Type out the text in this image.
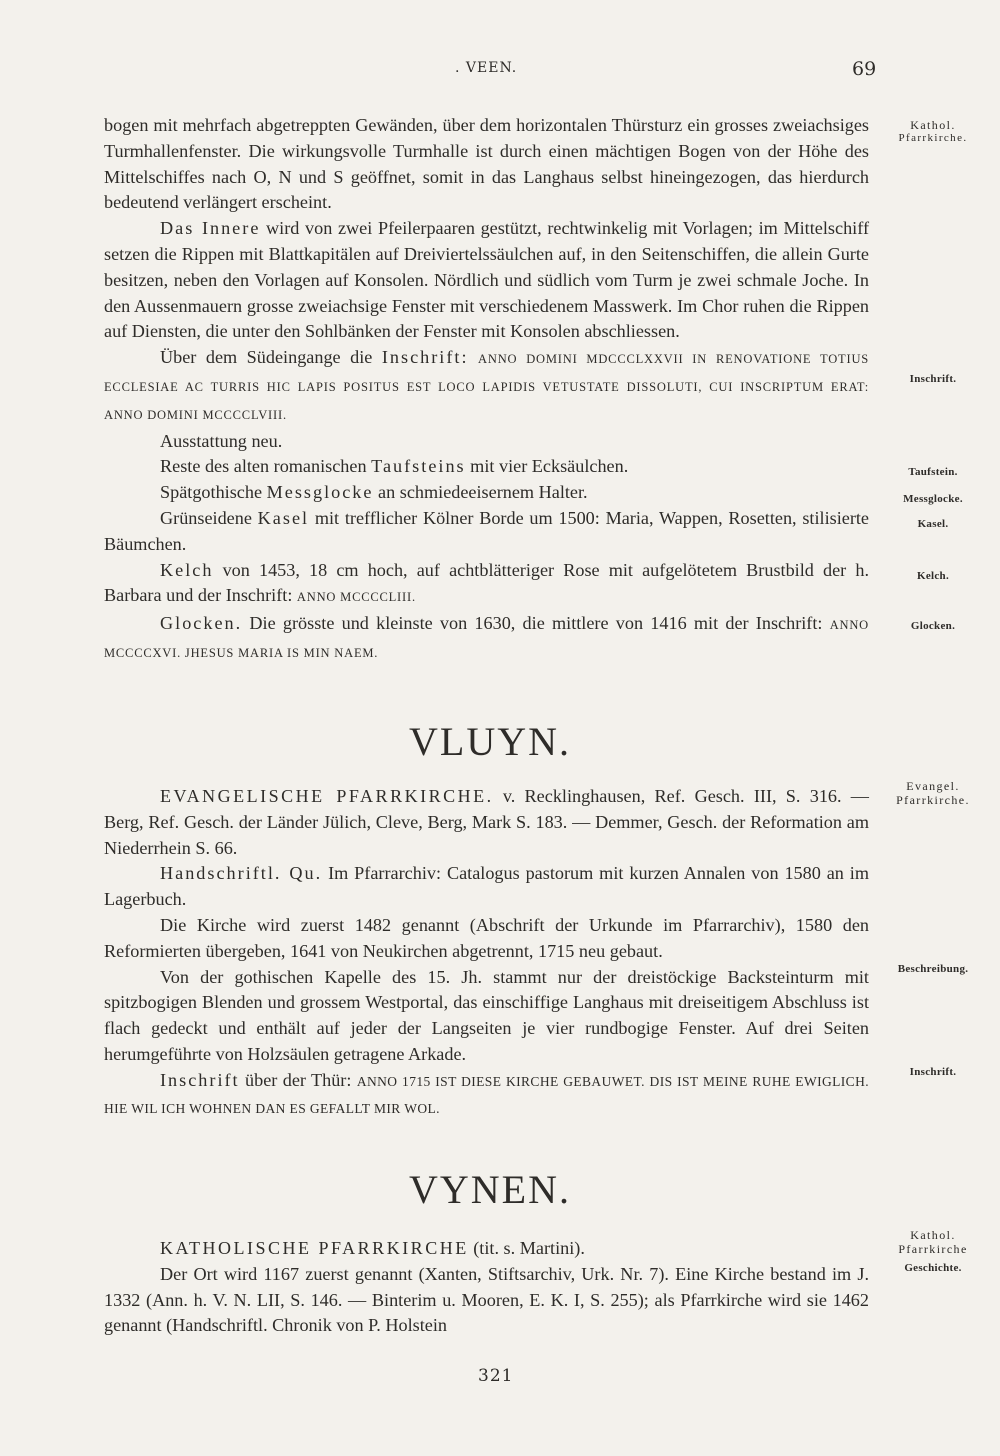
. VEEN.	69

bogen mit mehrfach abgetreppten Gewänden, über dem horizontalen Thürsturz ein grosses zweiachsiges Turmhallenfenster. Die wirkungsvolle Turmhalle ist durch einen mächtigen Bogen von der Höhe des Mittelschiffes nach O, N und S geöffnet, somit in das Langhaus selbst hineingezogen, das hierdurch bedeutend verlängert erscheint.

Das Innere wird von zwei Pfeilerpaaren gestützt, rechtwinkelig mit Vorlagen; im Mittelschiff setzen die Rippen mit Blattkapitälen auf Dreiviertelssäulchen auf, in den Seitenschiffen, die allein Gurte besitzen, neben den Vorlagen auf Konsolen. Nördlich und südlich vom Turm je zwei schmale Joche. In den Aussenmauern grosse zweiachsige Fenster mit verschiedenem Masswerk. Im Chor ruhen die Rippen auf Diensten, die unter den Sohlbänken der Fenster mit Konsolen abschliessen.

Über dem Südeingange die Inschrift: ANNO DOMINI MDCCCLXXVII IN RENOVATIONE TOTIUS ECCLESIAE AC TURRIS HIC LAPIS POSITUS EST LOCO LAPIDIS VETUSTATE DISSOLUTI, CUI INSCRIPTUM ERAT: ANNO DOMINI MCCCCLVIII.

Ausstattung neu.

Reste des alten romanischen Taufsteins mit vier Ecksäulchen.

Spätgothische Messglocke an schmiedeeisernem Halter.

Grünseidene Kasel mit trefflicher Kölner Borde um 1500: Maria, Wappen, Rosetten, stilisierte Bäumchen.

Kelch von 1453, 18 cm hoch, auf achtblätteriger Rose mit aufgelötetem Brustbild der h. Barbara und der Inschrift: ANNO MCCCCLIII.

Glocken. Die grösste und kleinste von 1630, die mittlere von 1416 mit der Inschrift: ANNO MCCCCXVI. JHESUS MARIA IS MIN NAEM.

VLUYN.

EVANGELISCHE PFARRKIRCHE. v. Recklinghausen, Ref. Gesch. III, S. 316. — Berg, Ref. Gesch. der Länder Jülich, Cleve, Berg, Mark S. 183. — Demmer, Gesch. der Reformation am Niederrhein S. 66.

Handschriftl. Qu. Im Pfarrarchiv: Catalogus pastorum mit kurzen Annalen von 1580 an im Lagerbuch.

Die Kirche wird zuerst 1482 genannt (Abschrift der Urkunde im Pfarrarchiv), 1580 den Reformierten übergeben, 1641 von Neukirchen abgetrennt, 1715 neu gebaut.

Von der gothischen Kapelle des 15. Jh. stammt nur der dreistöckige Backsteinturm mit spitzbogigen Blenden und grossem Westportal, das einschiffige Langhaus mit dreiseitigem Abschluss ist flach gedeckt und enthält auf jeder der Langseiten je vier rundbogige Fenster. Auf drei Seiten herumgeführte von Holzsäulen getragene Arkade.

Inschrift über der Thür: ANNO 1715 IST DIESE KIRCHE GEBAUWET. DIS IST MEINE RUHE EWIGLICH. HIE WIL ICH WOHNEN DAN ES GEFALLT MIR WOL.

VYNEN.

KATHOLISCHE PFARRKIRCHE (tit. s. Martini).

Der Ort wird 1167 zuerst genannt (Xanten, Stiftsarchiv, Urk. Nr. 7). Eine Kirche bestand im J. 1332 (Ann. h. V. N. LII, S. 146. — Binterim u. Mooren, E. K. I, S. 255); als Pfarrkirche wird sie 1462 genannt (Handschriftl. Chronik von P. Holstein

Kathol.
Pfarrkirche.
Inschrift.
Taufstein.
Messglocke.
Kasel.
Kelch.
Glocken.
Evangel.
Pfarrkirche.
Beschreibung.
Inschrift.
Kathol.
Pfarrkirche
Geschichte.
321
